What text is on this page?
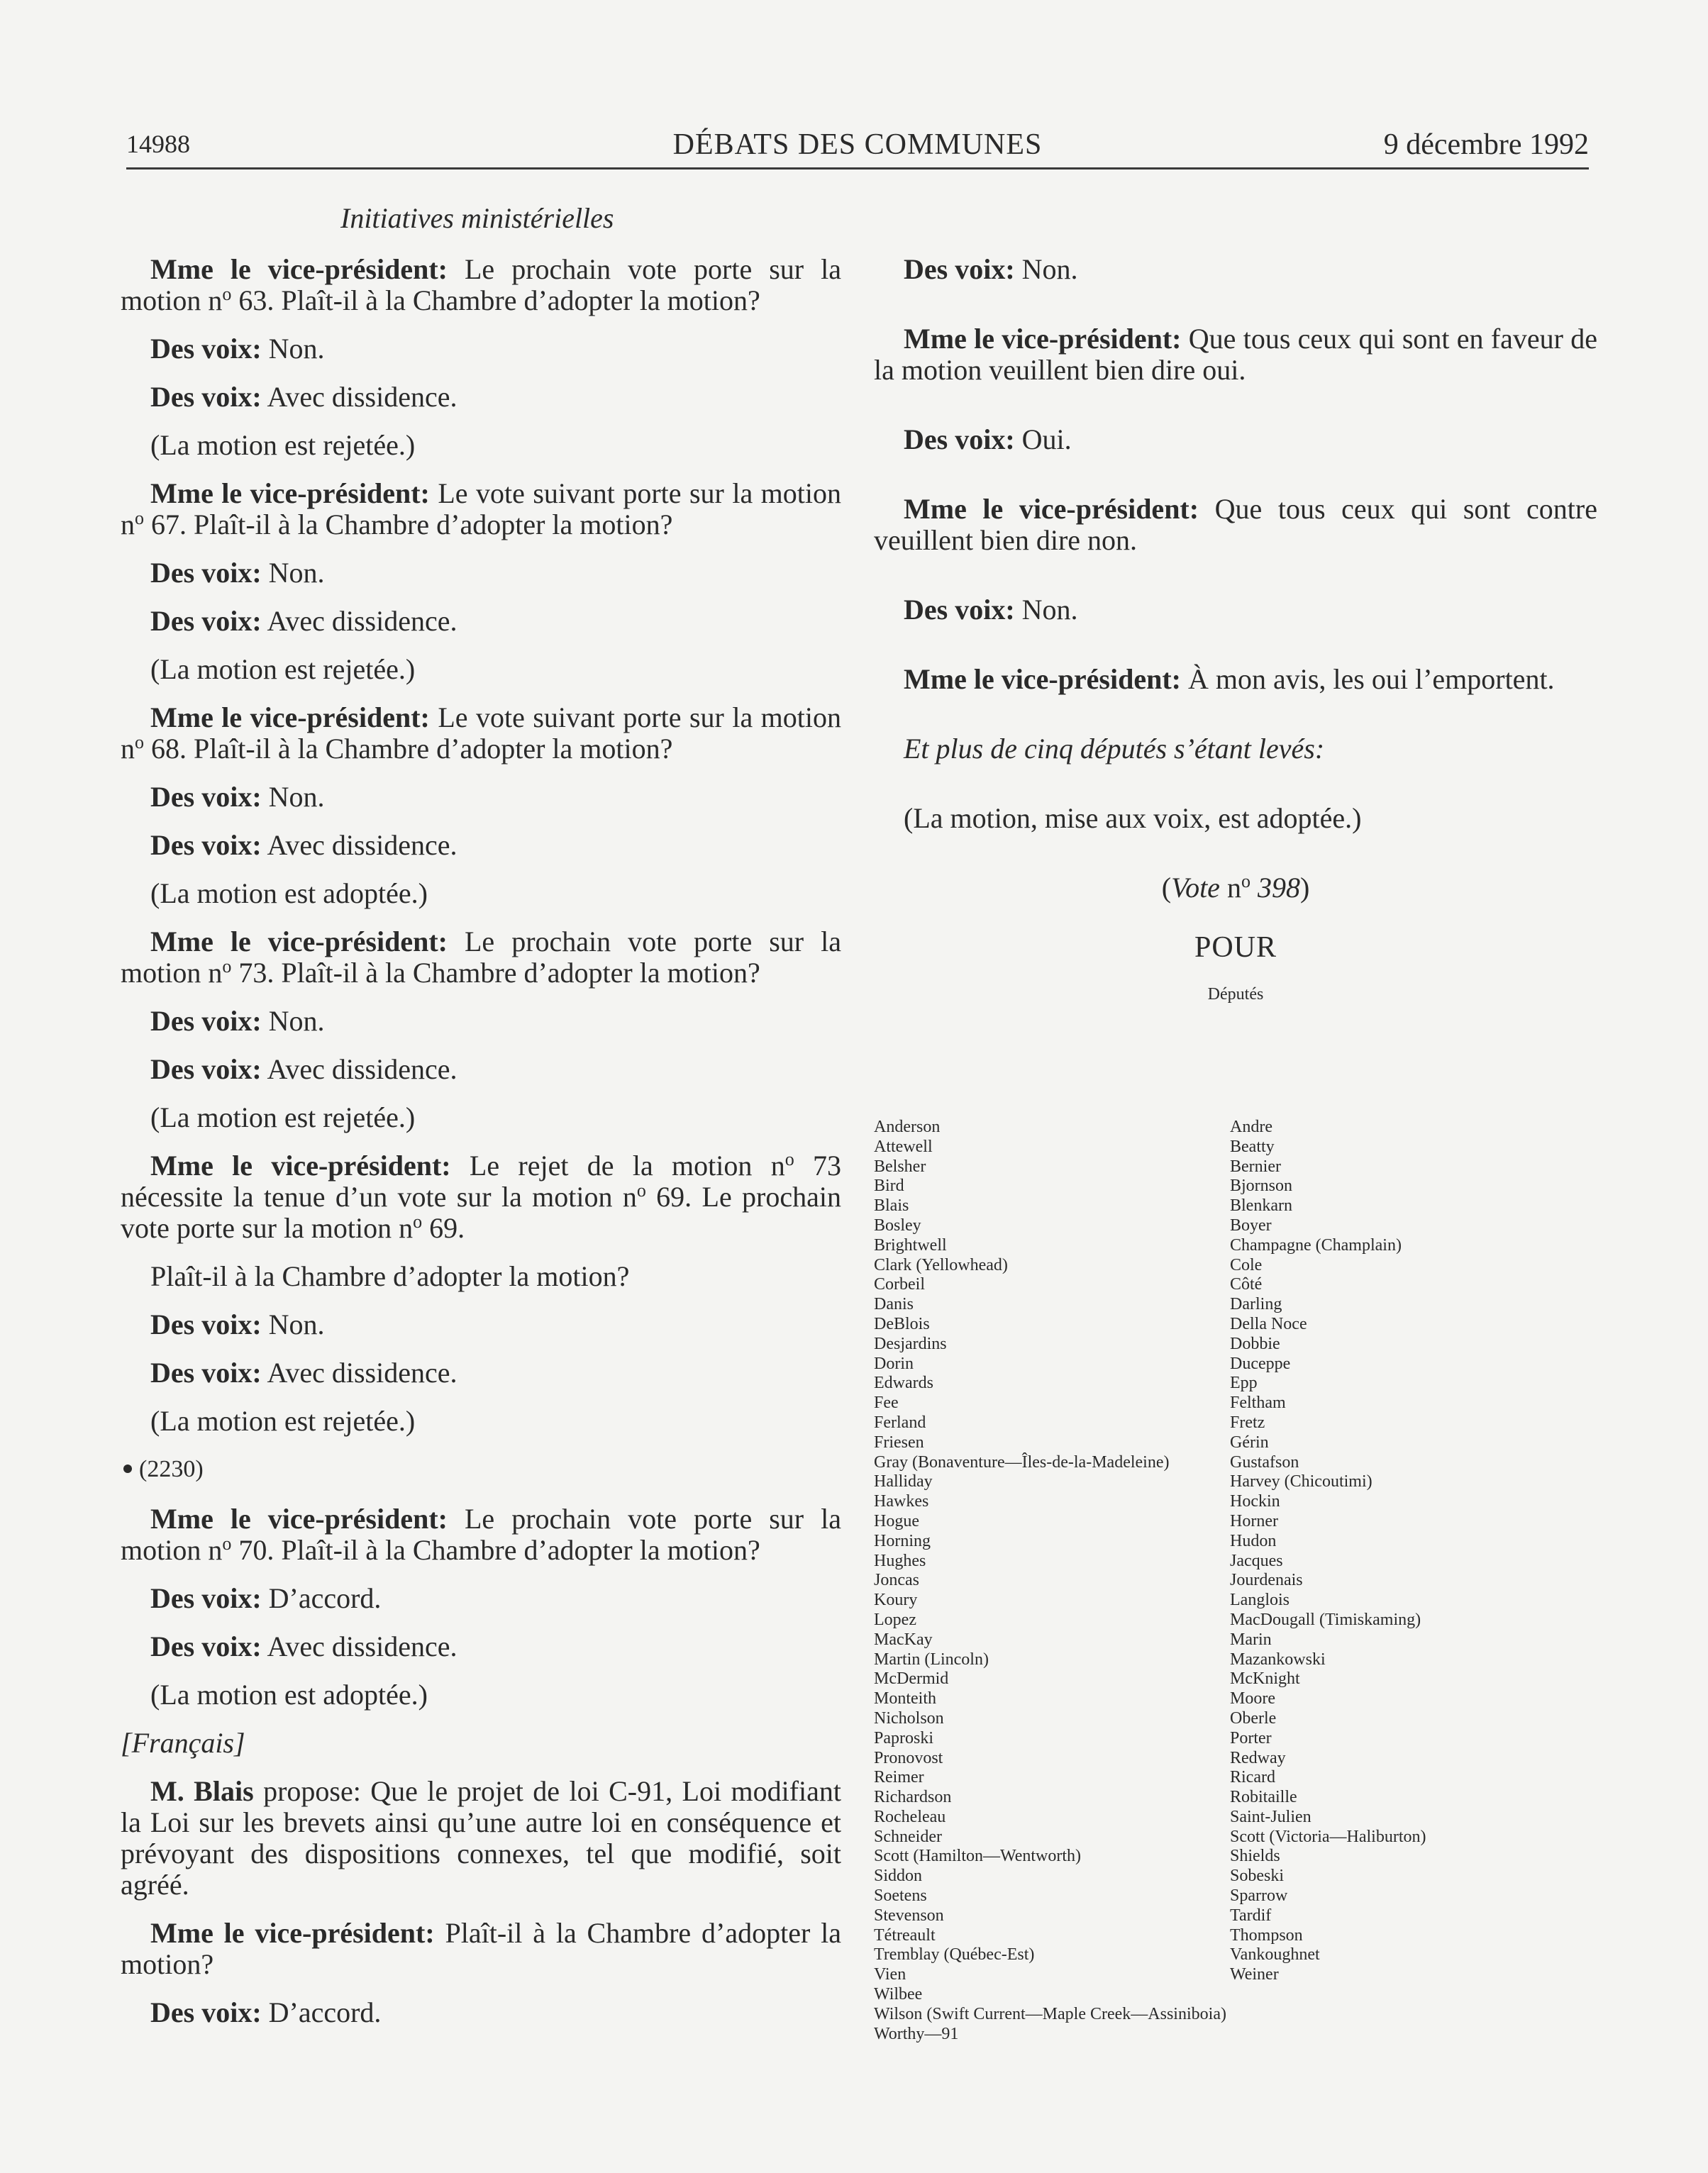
14988	DÉBATS DES COMMUNES	9 décembre 1992
Initiatives ministérielles

Mme le vice-président: Le prochain vote porte sur la motion $n^o$ 63. Plaît-il à la Chambre d’adopter la motion?

Des voix: Non.

Des voix: Avec dissidence.

(La motion est rejetée.)

Mme le vice-président: Le vote suivant porte sur la motion $n^o$ 67. Plaît-il à la Chambre d’adopter la motion?

Des voix: Non.

Des voix: Avec dissidence.

(La motion est rejetée.)

Mme le vice-président: Le vote suivant porte sur la motion $n^o$ 68. Plaît-il à la Chambre d’adopter la motion?

Des voix: Non.

Des voix: Avec dissidence.

(La motion est adoptée.)

Mme le vice-président: Le prochain vote porte sur la motion $n^o$ 73. Plaît-il à la Chambre d’adopter la motion?

Des voix: Non.

Des voix: Avec dissidence.

(La motion est rejetée.)

Mme le vice-président: Le rejet de la motion $n^o$ 73 nécessite la tenue d’un vote sur la motion $n^o$ 69. Le prochain vote porte sur la motion $n^o$ 69.

Plaît-il à la Chambre d’adopter la motion?

Des voix: Non.

Des voix: Avec dissidence.

(La motion est rejetée.)

(2230)

Mme le vice-président: Le prochain vote porte sur la motion $n^o$ 70. Plaît-il à la Chambre d’adopter la motion?

Des voix: D’accord.

Des voix: Avec dissidence.

(La motion est adoptée.)

[Français]

M. Blais propose: Que le projet de loi C-91, Loi modifiant la Loi sur les brevets ainsi qu’une autre loi en conséquence et prévoyant des dispositions connexes, tel que modifié, soit agréé.

Mme le vice-président: Plaît-il à la Chambre d’adopter la motion?

Des voix: D’accord.

Des voix: Non.

Mme le vice-président: Que tous ceux qui sont en faveur de la motion veuillent bien dire oui.

Des voix: Oui.

Mme le vice-président: Que tous ceux qui sont contre veuillent bien dire non.

Des voix: Non.

Mme le vice-président: À mon avis, les oui l’emportent.

Et plus de cinq députés s’étant levés:

(La motion, mise aux voix, est adoptée.)

(Vote $n^o$ 398)
POUR
Députés
Anderson	Andre
Attewell	Beatty
Belsher	Bernier
Bird	Bjornson
Blais	Blenkarn
Bosley	Boyer
Brightwell	Champagne (Champlain)
Clark (Yellowhead)	Cole
Corbeil	Côté
Danis	Darling
DeBlois	Della Noce
Desjardins	Dobbie
Dorin	Duceppe
Edwards	Epp
Fee	Feltham
Ferland	Fretz
Friesen	Gérin
Gray (Bonaventure—Îles-de-la-Madeleine)	Gustafson
Halliday	Harvey (Chicoutimi)
Hawkes	Hockin
Hogue	Horner
Horning	Hudon
Hughes	Jacques
Joncas	Jourdenais
Koury	Langlois
Lopez	MacDougall (Timiskaming)
MacKay	Marin
Martin (Lincoln)	Mazankowski
McDermid	McKnight
Monteith	Moore
Nicholson	Oberle
Paproski	Porter
Pronovost	Redway
Reimer	Ricard
Richardson	Robitaille
Rocheleau	Saint-Julien
Schneider	Scott (Victoria—Haliburton)
Scott (Hamilton—Wentworth)	Shields
Siddon	Sobeski
Soetens	Sparrow
Stevenson	Tardif
Tétreault	Thompson
Tremblay (Québec-Est)	Vankoughnet
Vien	Weiner
Wilbee
Wilson (Swift Current—Maple Creek—Assiniboia)
Worthy—91
